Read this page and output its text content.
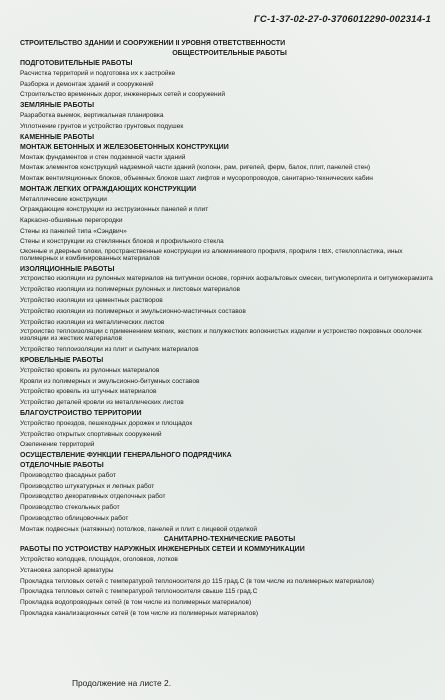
ГС-1-37-02-27-0-3706012290-002314-1
СТРОИТЕЛЬСТВО ЗДАНИЙ И СООРУЖЕНИЙ II УРОВНЯ ОТВЕТСТВЕННОСТИ
ОБЩЕСТРОИТЕЛЬНЫЕ РАБОТЫ
ПОДГОТОВИТЕЛЬНЫЕ РАБОТЫ
Расчистка территорий и подготовка их к застройке
Разборка и демонтаж зданий и сооружений
Строительство временных дорог, инженерных сетей и сооружений
ЗЕМЛЯНЫЕ РАБОТЫ
Разработка выемок, вертикальная планировка
Уплотнение грунтов и устройство грунтовых подушек
КАМЕННЫЕ РАБОТЫ
МОНТАЖ БЕТОННЫХ И ЖЕЛЕЗОБЕТОННЫХ КОНСТРУКЦИЙ
Монтаж фундаментов и стен подземной части зданий
Монтаж элементов конструкций надземной части зданий (колонн, рам, ригелей, ферм, балок, плит, панелей стен)
Монтаж вентиляционных блоков, объемных блоков шахт лифтов и мусоропроводов, санитарно-технических кабин
МОНТАЖ ЛЕГКИХ ОГРАЖДАЮЩИХ КОНСТРУКЦИЙ
Металлические конструкции
Ограждающие конструкции из экструзионных панелей и плит
Каркасно-обшивные перегородки
Стены из панелей типа «Сэндвич»
Стены и конструкции из стеклянных блоков и профильного стекла
Оконные и дверные блоки, пространственные конструкции из алюминиевого профиля, профиля ПВХ, стеклопластика, иных полимерных и комбинированных материалов
ИЗОЛЯЦИОННЫЕ РАБОТЫ
Устройство изоляции из рулонных материалов на битумной основе, горячих асфальтовых смесей, битумолерлита и битумокерамзита
Устройство изоляции из полимерных рулонных и листовых материалов
Устройство изоляции из цементных растворов
Устройство изоляции из полимерных и эмульсионно-мастичных составов
Устройство изоляции из металлических листов
Устройство теплоизоляции с применением мягких, жестких и полужестких волокнистых изделий и устройство покровных оболочек изоляции из жестких материалов
Устройство теплоизоляции из плит и сыпучих материалов
КРОВЕЛЬНЫЕ РАБОТЫ
Устройство кровель из рулонных материалов
Кровли из полимерных и эмульсионно-битумных составов
Устройство кровель из штучных материалов
Устройство деталей кровли из металлических листов
БЛАГОУСТРОЙСТВО ТЕРРИТОРИИ
Устройство проездов, пешеходных дорожек и площадок
Устройство открытых спортивных сооружений
Озеленение территорий
ОСУЩЕСТВЛЕНИЕ ФУНКЦИЙ ГЕНЕРАЛЬНОГО ПОДРЯДЧИКА
ОТДЕЛОЧНЫЕ РАБОТЫ
Производство фасадных работ
Производство штукатурных и лепных работ
Производство декоративных отделочных работ
Производство стекольных работ
Производство облицовочных работ
Монтаж подвесных (натяжных) потолков, панелей и плит с лицевой отделкой
САНИТАРНО-ТЕХНИЧЕСКИЕ РАБОТЫ
РАБОТЫ ПО УСТРОЙСТВУ НАРУЖНЫХ ИНЖЕНЕРНЫХ СЕТЕЙ И КОММУНИКАЦИЙ
Устройство колодцев, площадок, оголовков, лотков
Установка запорной арматуры
Прокладка тепловых сетей с температурой теплоносителя до 115 град.С (в том числе из полимерных материалов)
Прокладка тепловых сетей с температурой теплоносителя свыше 115 град.С
Прокладка водопроводных сетей (в том числе из полимерных материалов)
Прокладка канализационных сетей (в том числе из полимерных материалов)
Продолжение на листе 2.
